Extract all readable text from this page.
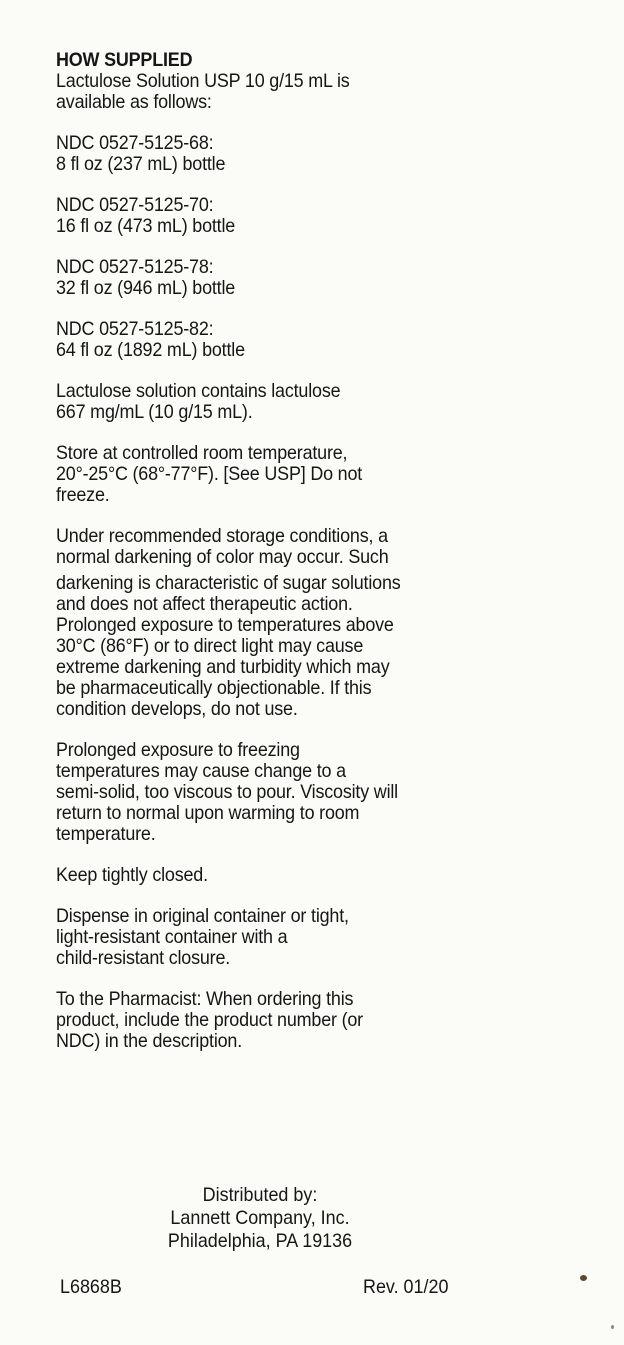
HOW SUPPLIED
Lactulose Solution USP 10 g/15 mL is
available as follows:
NDC 0527-5125-68:
8 fl oz (237 mL) bottle
NDC 0527-5125-70:
16 fl oz (473 mL) bottle
NDC 0527-5125-78:
32 fl oz (946 mL) bottle
NDC 0527-5125-82:
64 fl oz (1892 mL) bottle
Lactulose solution contains lactulose
667 mg/mL (10 g/15 mL).
Store at controlled room temperature,
20°-25°C (68°-77°F). [See USP] Do not
freeze.
Under recommended storage conditions, a
normal darkening of color may occur. Such
darkening is characteristic of sugar solutions
and does not affect therapeutic action.
Prolonged exposure to temperatures above
30°C (86°F) or to direct light may cause
extreme darkening and turbidity which may
be pharmaceutically objectionable. If this
condition develops, do not use.
Prolonged exposure to freezing
temperatures may cause change to a
semi-solid, too viscous to pour. Viscosity will
return to normal upon warming to room
temperature.
Keep tightly closed.
Dispense in original container or tight,
light-resistant container with a
child-resistant closure.
To the Pharmacist: When ordering this
product, include the product number (or
NDC) in the description.
Distributed by:
Lannett Company, Inc.
Philadelphia, PA 19136
L6868B	Rev. 01/20
